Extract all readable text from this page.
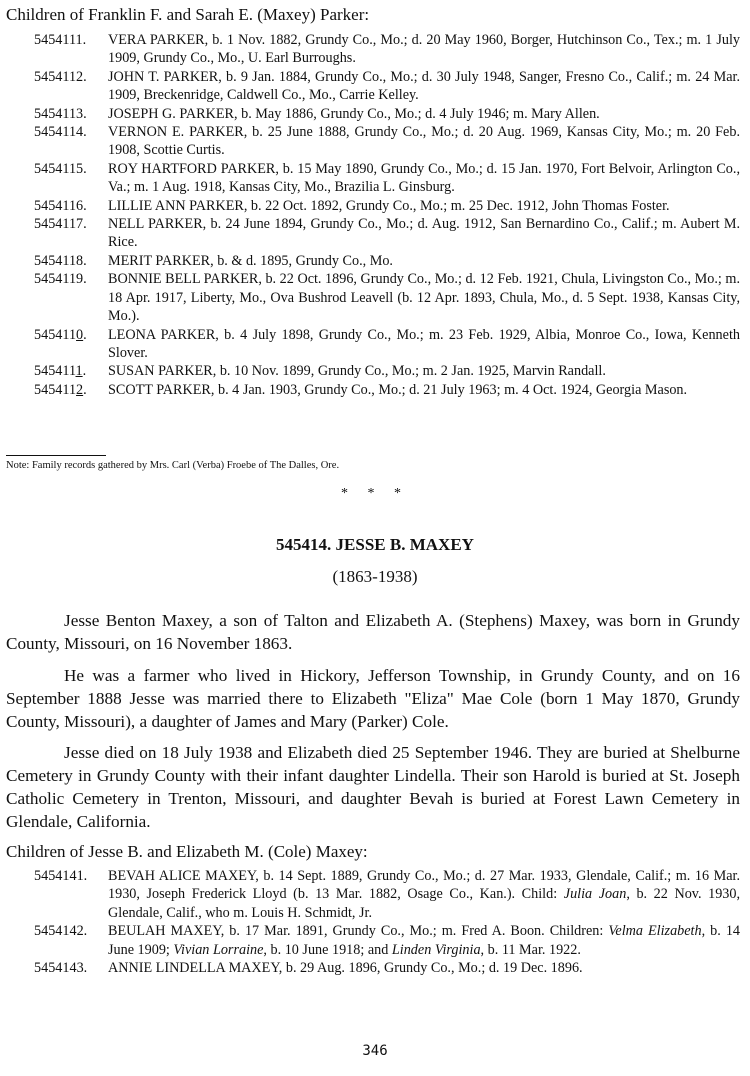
Children of Franklin F. and Sarah E. (Maxey) Parker:

5454111. VERA PARKER, b. 1 Nov. 1882, Grundy Co., Mo.; d. 20 May 1960, Borger, Hutchinson Co., Tex.; m. 1 July 1909, Grundy Co., Mo., U. Earl Burroughs.
5454112. JOHN T. PARKER, b. 9 Jan. 1884, Grundy Co., Mo.; d. 30 July 1948, Sanger, Fresno Co., Calif.; m. 24 Mar. 1909, Breckenridge, Caldwell Co., Mo., Carrie Kelley.
5454113. JOSEPH G. PARKER, b. May 1886, Grundy Co., Mo.; d. 4 July 1946; m. Mary Allen.
5454114. VERNON E. PARKER, b. 25 June 1888, Grundy Co., Mo.; d. 20 Aug. 1969, Kansas City, Mo.; m. 20 Feb. 1908, Scottie Curtis.
5454115. ROY HARTFORD PARKER, b. 15 May 1890, Grundy Co., Mo.; d. 15 Jan. 1970, Fort Belvoir, Arlington Co., Va.; m. 1 Aug. 1918, Kansas City, Mo., Brazilia L. Ginsburg.
5454116. LILLIE ANN PARKER, b. 22 Oct. 1892, Grundy Co., Mo.; m. 25 Dec. 1912, John Thomas Foster.
5454117. NELL PARKER, b. 24 June 1894, Grundy Co., Mo.; d. Aug. 1912, San Bernardino Co., Calif.; m. Aubert M. Rice.
5454118. MERIT PARKER, b. & d. 1895, Grundy Co., Mo.
5454119. BONNIE BELL PARKER, b. 22 Oct. 1896, Grundy Co., Mo.; d. 12 Feb. 1921, Chula, Livingston Co., Mo.; m. 18 Apr. 1917, Liberty, Mo., Ova Bushrod Leavell (b. 12 Apr. 1893, Chula, Mo., d. 5 Sept. 1938, Kansas City, Mo.).
5454110. LEONA PARKER, b. 4 July 1898, Grundy Co., Mo.; m. 23 Feb. 1929, Albia, Monroe Co., Iowa, Kenneth Slover.
5454111. SUSAN PARKER, b. 10 Nov. 1899, Grundy Co., Mo.; m. 2 Jan. 1925, Marvin Randall.
5454112. SCOTT PARKER, b. 4 Jan. 1903, Grundy Co., Mo.; d. 21 July 1963; m. 4 Oct. 1924, Georgia Mason.

Note: Family records gathered by Mrs. Carl (Verba) Froebe of The Dalles, Ore.

* * *

545414. JESSE B. MAXEY

(1863-1938)

Jesse Benton Maxey, a son of Talton and Elizabeth A. (Stephens) Maxey, was born in Grundy County, Missouri, on 16 November 1863.

He was a farmer who lived in Hickory, Jefferson Township, in Grundy County, and on 16 September 1888 Jesse was married there to Elizabeth "Eliza" Mae Cole (born 1 May 1870, Grundy County, Missouri), a daughter of James and Mary (Parker) Cole.

Jesse died on 18 July 1938 and Elizabeth died 25 September 1946. They are buried at Shelburne Cemetery in Grundy County with their infant daughter Lindella. Their son Harold is buried at St. Joseph Catholic Cemetery in Trenton, Missouri, and daughter Bevah is buried at Forest Lawn Cemetery in Glendale, California.

Children of Jesse B. and Elizabeth M. (Cole) Maxey:

5454141. BEVAH ALICE MAXEY, b. 14 Sept. 1889, Grundy Co., Mo.; d. 27 Mar. 1933, Glendale, Calif.; m. 16 Mar. 1930, Joseph Frederick Lloyd (b. 13 Mar. 1882, Osage Co., Kan.). Child: Julia Joan, b. 22 Nov. 1930, Glendale, Calif., who m. Louis H. Schmidt, Jr.
5454142. BEULAH MAXEY, b. 17 Mar. 1891, Grundy Co., Mo.; m. Fred A. Boon. Children: Velma Elizabeth, b. 14 June 1909; Vivian Lorraine, b. 10 June 1918; and Linden Virginia, b. 11 Mar. 1922.
5454143. ANNIE LINDELLA MAXEY, b. 29 Aug. 1896, Grundy Co., Mo.; d. 19 Dec. 1896.

346
